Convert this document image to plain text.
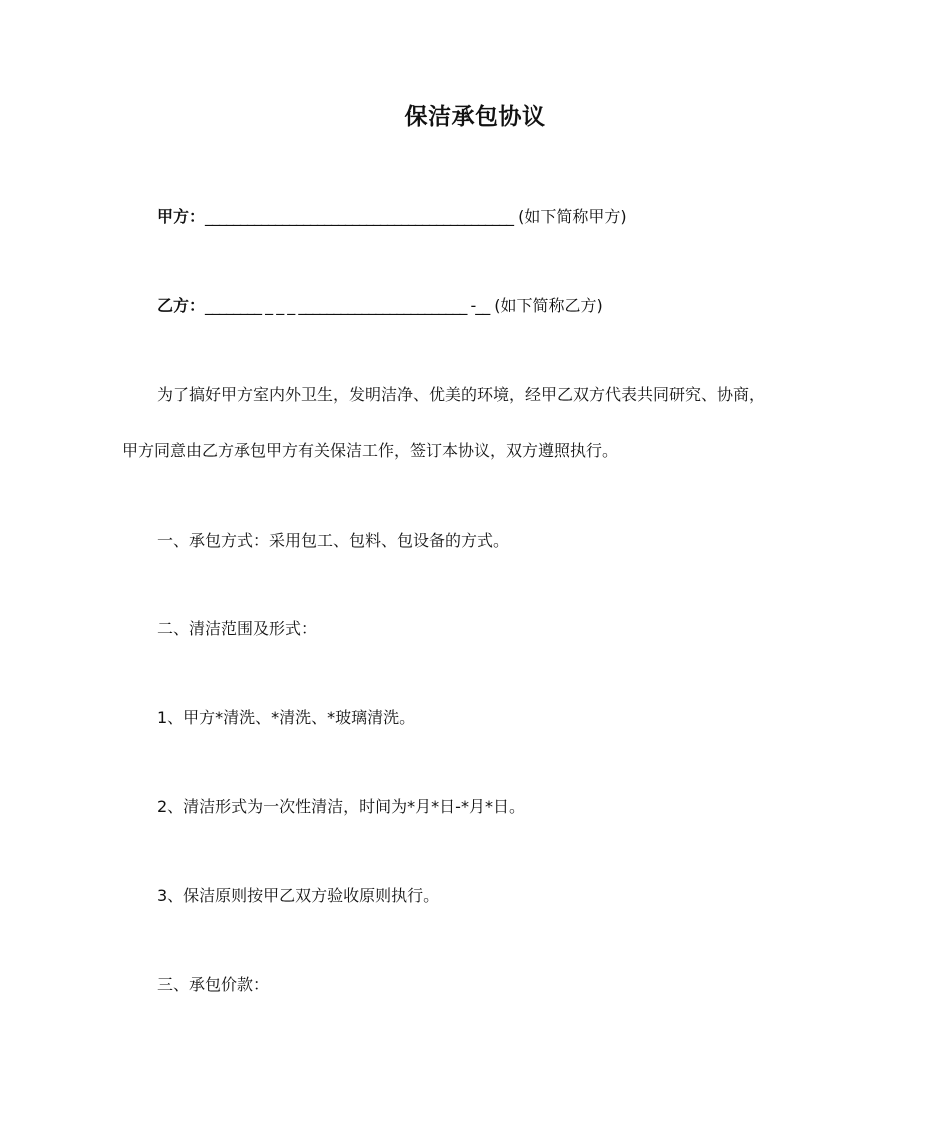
保洁承包协议
甲方：____________________________________________ (如下简称甲方)
乙方：________ _ _ _ ________________________ -__ (如下简称乙方)
为了搞好甲方室内外卫生，发明洁净、优美的环境，经甲乙双方代表共同研究、协商，
甲方同意由乙方承包甲方有关保洁工作，签订本协议，双方遵照执行。
一、承包方式：采用包工、包料、包设备的方式。
二、清洁范围及形式：
1、甲方*清洗、*清洗、*玻璃清洗。
2、清洁形式为一次性清洁，时间为*月*日-*月*日。
3、保洁原则按甲乙双方验收原则执行。
三、承包价款：
